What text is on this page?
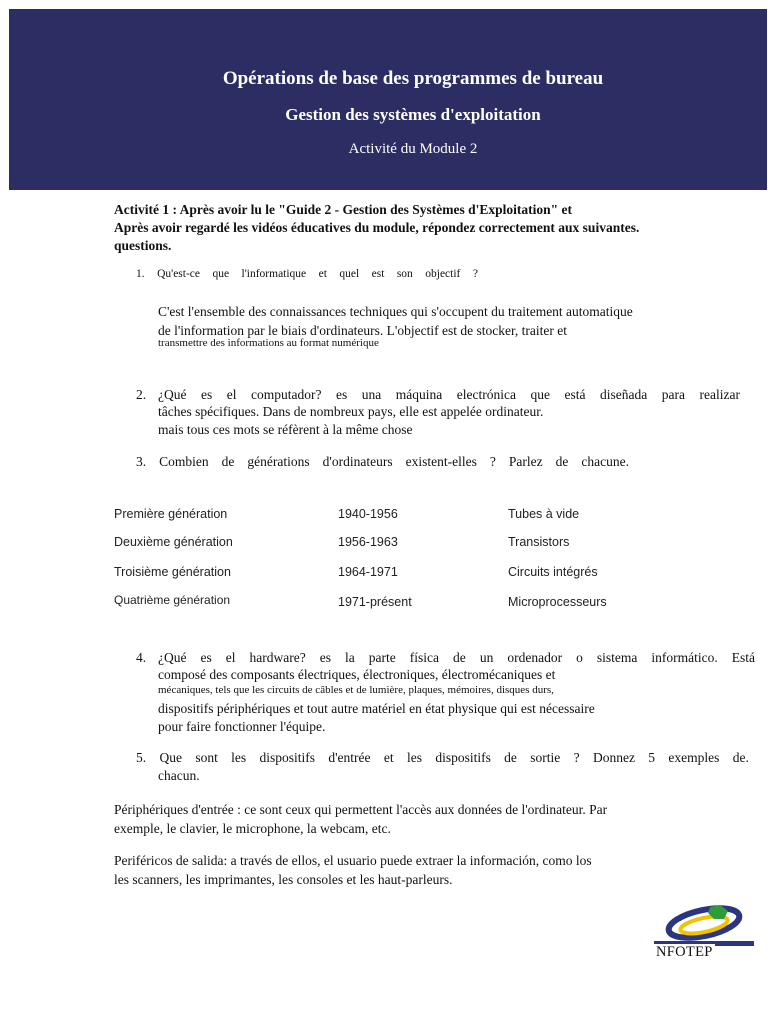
Opérations de base des programmes de bureau
Gestion des systèmes d'exploitation
Activité du Module 2
Activité 1 : Après avoir lu le "Guide 2 - Gestion des Systèmes d'Exploitation" et
Après avoir regardé les vidéos éducatives du module, répondez correctement aux suivantes.
questions.
1. Qu'est-ce que l'informatique et quel est son objectif ?
C'est l'ensemble des connaissances techniques qui s'occupent du traitement automatique
de l'information par le biais d'ordinateurs. L'objectif est de stocker, traiter et
transmettre des informations au format numérique
2. ¿Qué es el computador? es una máquina electrónica que está diseñada para realizar
tâches spécifiques. Dans de nombreux pays, elle est appelée ordinateur.
mais tous ces mots se réfèrent à la même chose
3. Combien de générations d'ordinateurs existent-elles ? Parlez de chacune.
Première génération	1940-1956	Tubes à vide
Deuxième génération	1956-1963	Transistors
Troisième génération	1964-1971	Circuits intégrés
Quatrième génération	1971-présent	Microprocesseurs
4. ¿Qué es el hardware? es la parte física de un ordenador o sistema informático. Está
composé des composants électriques, électroniques, électromécaniques et
mécaniques, tels que les circuits de câbles et de lumière, plaques, mémoires, disques durs,
dispositifs périphériques et tout autre matériel en état physique qui est nécessaire
pour faire fonctionner l'équipe.
5. Que sont les dispositifs d'entrée et les dispositifs de sortie ? Donnez 5 exemples de.
chacun.
Périphériques d'entrée : ce sont ceux qui permettent l'accès aux données de l'ordinateur. Par
exemple, le clavier, le microphone, la webcam, etc.
Periféricos de salida: a través de ellos, el usuario puede extraer la información, como los
les scanners, les imprimantes, les consoles et les haut-parleurs.
NFOTEP
